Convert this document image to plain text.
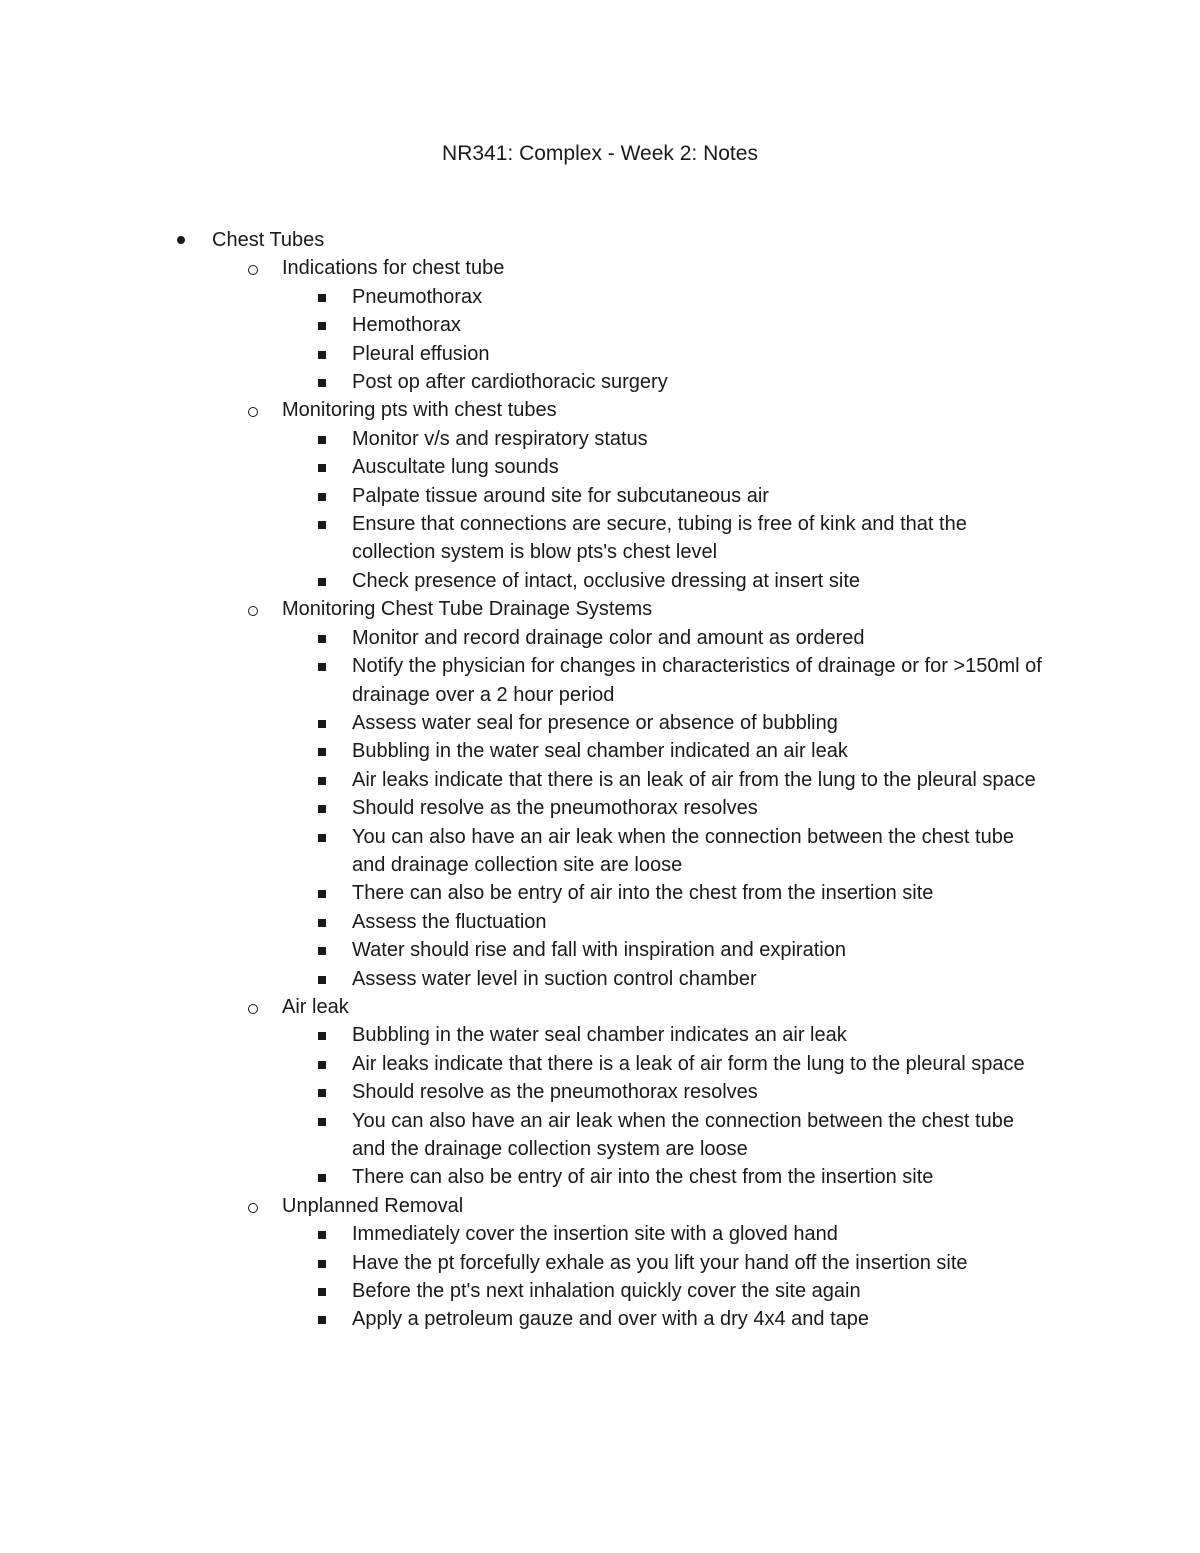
NR341: Complex - Week 2: Notes
Chest Tubes
Indications for chest tube
Pneumothorax
Hemothorax
Pleural effusion
Post op after cardiothoracic surgery
Monitoring pts with chest tubes
Monitor v/s and respiratory status
Auscultate lung sounds
Palpate tissue around site for subcutaneous air
Ensure that connections are secure, tubing is free of kink and that the collection system is blow pts's chest level
Check presence of intact, occlusive dressing at insert site
Monitoring Chest Tube Drainage Systems
Monitor and record drainage color and amount as ordered
Notify the physician for changes in characteristics of drainage or for >150ml of drainage over a 2 hour period
Assess water seal for presence or absence of bubbling
Bubbling in the water seal chamber indicated an air leak
Air leaks indicate that there is an leak of air from the lung to the pleural space
Should resolve as the pneumothorax resolves
You can also have an air leak when the connection between the chest tube and drainage collection site are loose
There can also be entry of air into the chest from the insertion site
Assess the fluctuation
Water should rise and fall with inspiration and expiration
Assess water level in suction control chamber
Air leak
Bubbling in the water seal chamber indicates an air leak
Air leaks indicate that there is a leak of air form the lung to the pleural space
Should resolve as the pneumothorax resolves
You can also have an air leak when the connection between the chest tube and the drainage collection system are loose
There can also be entry of air into the chest from the insertion site
Unplanned Removal
Immediately cover the insertion site with a gloved hand
Have the pt forcefully exhale as you lift your hand off the insertion site
Before the pt's next inhalation quickly cover the site again
Apply a petroleum gauze and over with a dry 4x4 and tape
